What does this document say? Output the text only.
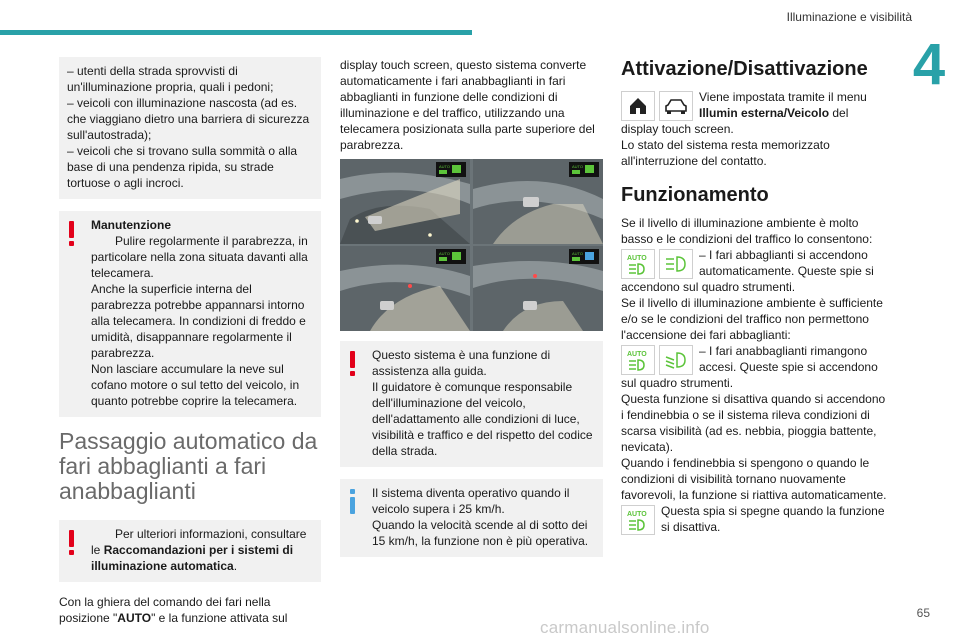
Illuminazione e visibilità
4

– utenti della strada sprovvisti di un'illuminazione propria, quali i pedoni;

– veicoli con illuminazione nascosta (ad es. che viaggiano dietro una barriera di sicurezza sull'autostrada);

– veicoli che si trovano sulla sommità o alla base di una pendenza ripida, su strade tortuose o agli incroci.

Manutenzione

Pulire regolarmente il parabrezza, in particolare nella zona situata davanti alla telecamera.

Anche la superficie interna del parabrezza potrebbe appannarsi intorno alla telecamera. In condizioni di freddo e umidità, disappannare regolarmente il parabrezza.

Non lasciare accumulare la neve sul cofano motore o sul tetto del veicolo, in quanto potrebbe coprire la telecamera.

Passaggio automatico da fari abbaglianti a fari anabbaglianti

Per ulteriori informazioni, consultare le Raccomandazioni per i sistemi di illuminazione automatica.

Con la ghiera del comando dei fari nella posizione "AUTO" e la funzione attivata sul

display touch screen, questo sistema converte automaticamente i fari anabbaglianti in fari abbaglianti in funzione delle condizioni di illuminazione e del traffico, utilizzando una telecamera posizionata sulla parte superiore del parabrezza.

AUTO	AUTO
AUTO	AUTO

Questo sistema è una funzione di assistenza alla guida.

Il guidatore è comunque responsabile dell'illuminazione del veicolo, dell'adattamento alle condizioni di luce, visibilità e traffico e del rispetto del codice della strada.

Il sistema diventa operativo quando il veicolo supera i 25 km/h.

Quando la velocità scende al di sotto dei 15 km/h, la funzione non è più operativa.

Attivazione/Disattivazione

Viene impostata tramite il menu Illumin esterna/Veicolo del display touch screen.

Lo stato del sistema resta memorizzato all'interruzione del contatto.

Funzionamento

Se il livello di illuminazione ambiente è molto basso e le condizioni del traffico lo consentono:

AUTO	– I fari abbaglianti si accendono automaticamente. Queste spie si accendono sul quadro strumenti.

Se il livello di illuminazione ambiente è sufficiente e/o se le condizioni del traffico non permettono l'accensione dei fari abbaglianti:

AUTO	– I fari anabbaglianti rimangono accesi. Queste spie si accendono sul quadro strumenti.

Questa funzione si disattiva quando si accendono i fendinebbia o se il sistema rileva condizioni di scarsa visibilità (ad es. nebbia, pioggia battente, nevicata).

Quando i fendinebbia si spengono o quando le condizioni di visibilità tornano nuovamente favorevoli, la funzione si riattiva automaticamente.

AUTO	Questa spia si spegne quando la funzione si disattiva.

65
carmanualsonline.info
